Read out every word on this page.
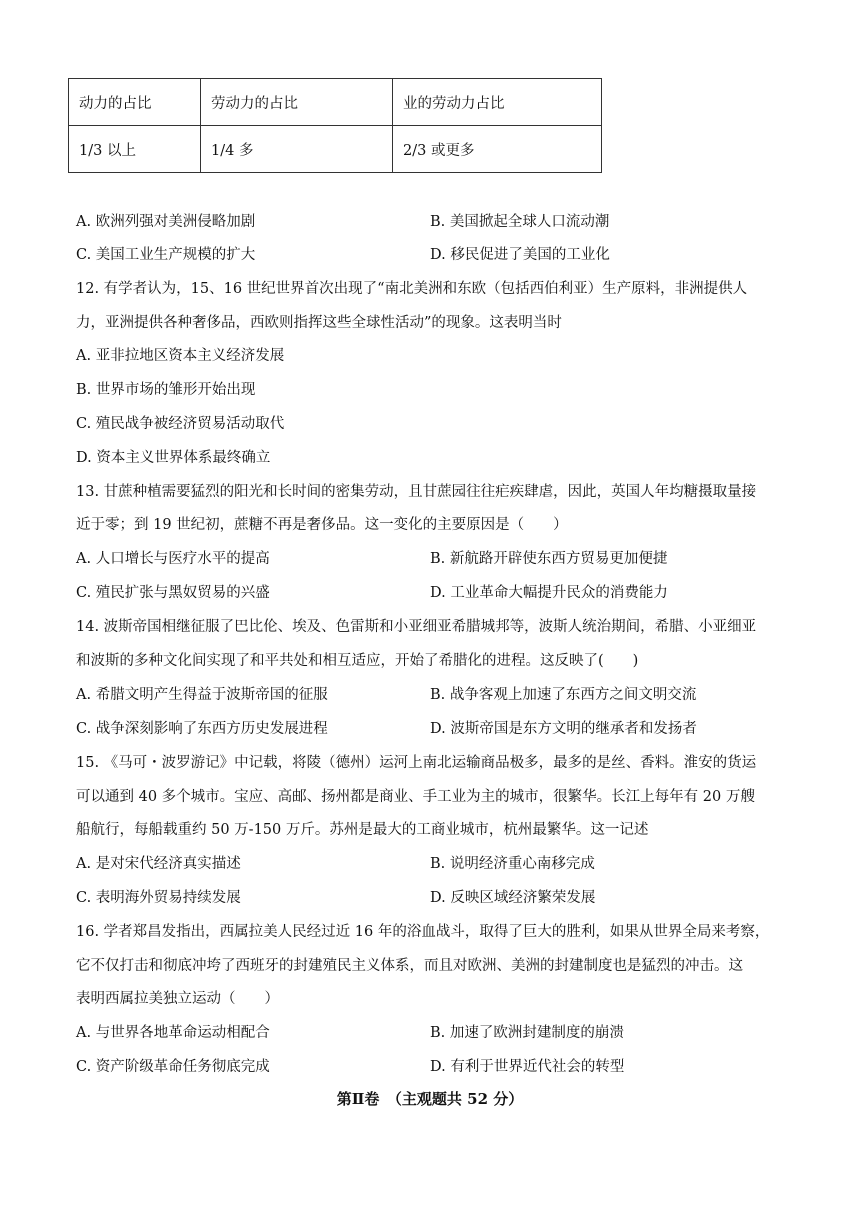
动力的占比	劳动力的占比	业的劳动力占比
1/3 以上	1/4 多	2/3 或更多
A. 欧洲列强对美洲侵略加剧	B. 美国掀起全球人口流动潮
C. 美国工业生产规模的扩大	D. 移民促进了美国的工业化
12. 有学者认为，15、16 世纪世界首次出现了“南北美洲和东欧（包括西伯利亚）生产原料，非洲提供人
力，亚洲提供各种奢侈品，西欧则指挥这些全球性活动”的现象。这表明当时
A. 亚非拉地区资本主义经济发展
B. 世界市场的雏形开始出现
C. 殖民战争被经济贸易活动取代
D. 资本主义世界体系最终确立
13. 甘蔗种植需要猛烈的阳光和长时间的密集劳动，且甘蔗园往往疟疾肆虐，因此，英国人年均糖摄取量接
近于零；到 19 世纪初，蔗糖不再是奢侈品。这一变化的主要原因是（　　）
A. 人口增长与医疗水平的提高	B. 新航路开辟使东西方贸易更加便捷
C. 殖民扩张与黑奴贸易的兴盛	D. 工业革命大幅提升民众的消费能力
14. 波斯帝国相继征服了巴比伦、埃及、色雷斯和小亚细亚希腊城邦等，波斯人统治期间，希腊、小亚细亚
和波斯的多种文化间实现了和平共处和相互适应，开始了希腊化的进程。这反映了(　　)
A. 希腊文明产生得益于波斯帝国的征服	B. 战争客观上加速了东西方之间文明交流
C. 战争深刻影响了东西方历史发展进程	D. 波斯帝国是东方文明的继承者和发扬者
15. 《马可・波罗游记》中记载，将陵（德州）运河上南北运输商品极多，最多的是丝、香料。淮安的货运
可以通到 40 多个城市。宝应、高邮、扬州都是商业、手工业为主的城市，很繁华。长江上每年有 20 万艘
船航行，每船载重约 50 万-150 万斤。苏州是最大的工商业城市，杭州最繁华。这一记述
A. 是对宋代经济真实描述	B. 说明经济重心南移完成
C. 表明海外贸易持续发展	D. 反映区域经济繁荣发展
16. 学者郑昌发指出，西属拉美人民经过近 16 年的浴血战斗，取得了巨大的胜利，如果从世界全局来考察，
它不仅打击和彻底冲垮了西班牙的封建殖民主义体系，而且对欧洲、美洲的封建制度也是猛烈的冲击。这
表明西属拉美独立运动（　　）
A. 与世界各地革命运动相配合	B. 加速了欧洲封建制度的崩溃
C. 资产阶级革命任务彻底完成	D. 有利于世界近代社会的转型
第Ⅱ卷　（主观题共 52 分）
